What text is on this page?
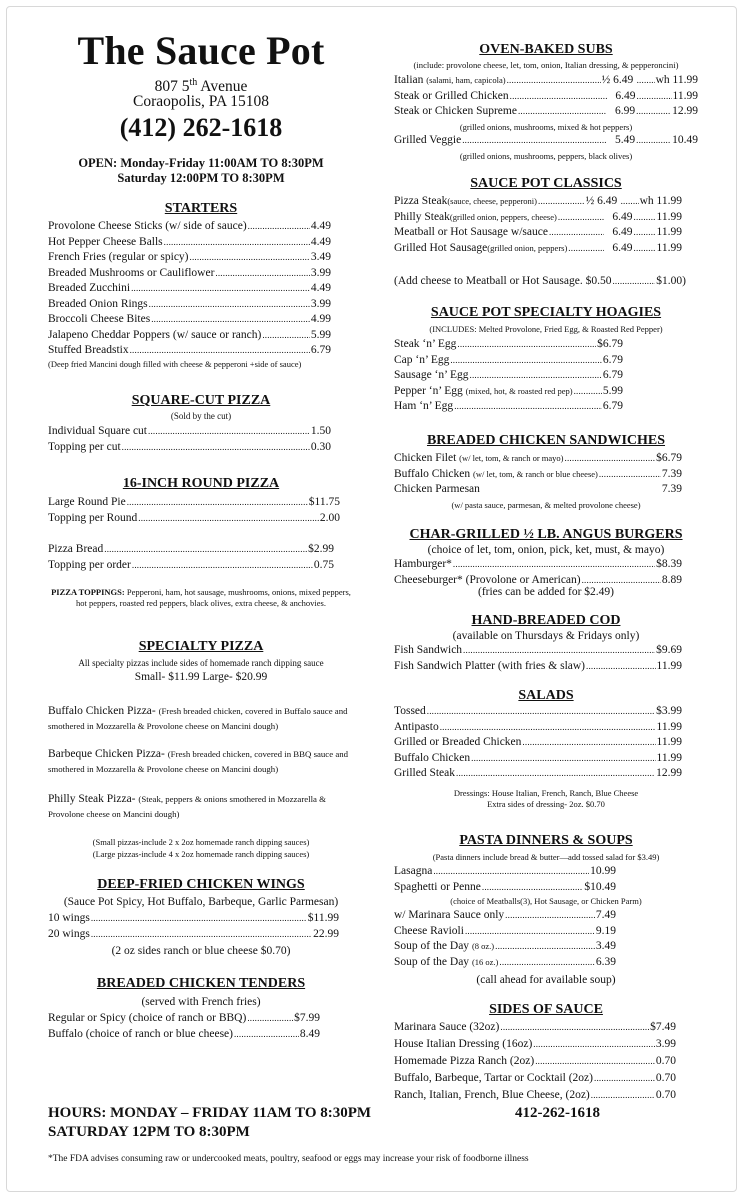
The Sauce Pot
807 5th Avenue
Coraopolis, PA 15108
(412) 262-1618
OPEN: Monday-Friday 11:00AM TO 8:30PM
Saturday 12:00PM TO 8:30PM
STARTERS
Provolone Cheese Sticks (w/ side of sauce) .....	4.49
Hot Pepper Cheese Balls .....	4.49
French Fries (regular or spicy) .....	3.49
Breaded Mushrooms or Cauliflower .....	3.99
Breaded Zucchini .....	4.49
Breaded Onion Rings .....	3.99
Broccoli Cheese Bites .....	4.99
Jalapeno Cheddar Poppers (w/ sauce or ranch) .....	5.99
Stuffed Breadstix .....	6.79
(Deep fried Mancini dough filled with cheese & pepperoni +side of sauce)
SQUARE-CUT PIZZA
(Sold by the cut)
Individual Square cut .....	1.50
Topping per cut .....	0.30
16-INCH ROUND PIZZA
Large Round Pie .....	$11.75
Topping per Round .....	2.00
Pizza Bread .....	$2.99
Topping per order .....	0.75
PIZZA TOPPINGS: Pepperoni, ham, hot sausage, mushrooms, onions, mixed peppers, hot peppers, roasted red peppers, black olives, extra cheese, & anchovies.
SPECIALTY PIZZA
All specialty pizzas include sides of homemade ranch dipping sauce
Small- $11.99 Large- $20.99
Buffalo Chicken Pizza- (Fresh breaded chicken, covered in Buffalo sauce and smothered in Mozzarella & Provolone cheese on Mancini dough)
Barbeque Chicken Pizza- (Fresh breaded chicken, covered in BBQ sauce and smothered in Mozzarella & Provolone cheese on Mancini dough)
Philly Steak Pizza- (Steak, peppers & onions smothered in Mozzarella & Provolone cheese on Mancini dough)
(Small pizzas-include 2 x 2oz homemade ranch dipping sauces)
(Large pizzas-include 4 x 2oz homemade ranch dipping sauces)
DEEP-FRIED CHICKEN WINGS
(Sauce Pot Spicy, Hot Buffalo, Barbeque, Garlic Parmesan)
10 wings .....	$11.99
20 wings .....	22.99
(2 oz sides ranch or blue cheese $0.70)
BREADED CHICKEN TENDERS
(served with French fries)
Regular or Spicy (choice of ranch or BBQ) .....	$7.99
Buffalo (choice of ranch or blue cheese) .....	8.49
OVEN-BAKED SUBS
(include: provolone cheese, let, tom, onion, Italian dressing, & pepperoncini)
Italian (salami, ham, capicola) .....	½ 6.49 ..... wh 11.99
Steak or Grilled Chicken .....	6.49 .....	11.99
Steak or Chicken Supreme .....	6.99 .....	12.99
(grilled onions, mushrooms, mixed & hot peppers)
Grilled Veggie .....	5.49 .....	10.49
(grilled onions, mushrooms, peppers, black olives)
SAUCE POT CLASSICS
Pizza Steak(sauce, cheese, pepperoni) .....	½ 6.49 ..... wh 11.99
Philly Steak(grilled onion, peppers, cheese) .....	6.49 ..... 11.99
Meatball or Hot Sausage w/sauce .....	6.49 ..... 11.99
Grilled Hot Sausage(grilled onion, peppers) .....	6.49 ..... 11.99
(Add cheese to Meatball or Hot Sausage. $0.50 .....	$1.00)
SAUCE POT SPECIALTY HOAGIES
(INCLUDES: Melted Provolone, Fried Egg, & Roasted Red Pepper)
Steak ‘n’ Egg .....	$6.79
Cap ‘n’ Egg .....	6.79
Sausage ‘n’ Egg .....	6.79
Pepper ‘n’ Egg (mixed, hot, & roasted red pep) .....	5.99
Ham ‘n’ Egg .....	6.79
BREADED CHICKEN SANDWICHES
Chicken Filet (w/ let, tom, & ranch or mayo) .....	$6.79
Buffalo Chicken (w/ let, tom, & ranch or blue cheese) .....	7.39
Chicken Parmesan	7.39
(w/ pasta sauce, parmesan, & melted provolone cheese)
CHAR-GRILLED ½ LB. ANGUS BURGERS
(choice of let, tom, onion, pick, ket, must, & mayo)
Hamburger* .....	$8.39
Cheeseburger* (Provolone or American) .....	8.89
(fries can be added for $2.49)
HAND-BREADED COD
(available on Thursdays & Fridays only)
Fish Sandwich .....	$9.69
Fish Sandwich Platter (with fries & slaw) .....	11.99
SALADS
Tossed .....	$3.99
Antipasto .....	11.99
Grilled or Breaded Chicken .....	11.99
Buffalo Chicken .....	11.99
Grilled Steak .....	12.99
Dressings: House Italian, French, Ranch, Blue Cheese
Extra sides of dressing- 2oz. $0.70
PASTA DINNERS & SOUPS
(Pasta dinners include bread & butter—add tossed salad for $3.49)
Lasagna .....	10.99
Spaghetti or Penne .....	$10.49
(choice of Meatballs(3), Hot Sausage, or Chicken Parm)
w/ Marinara Sauce only .....	7.49
Cheese Ravioli .....	9.19
Soup of the Day (8 oz.) .....	3.49
Soup of the Day (16 oz.) .....	6.39
(call ahead for available soup)
SIDES OF SAUCE
Marinara Sauce (32oz) .....	$7.49
House Italian Dressing (16oz) .....	3.99
Homemade Pizza Ranch (2oz) .....	0.70
Buffalo, Barbeque, Tartar or Cocktail (2oz) .....	0.70
Ranch, Italian, French, Blue Cheese, (2oz) .....	0.70
HOURS: MONDAY – FRIDAY 11AM TO 8:30PM
SATURDAY 12PM TO 8:30PM
412-262-1618
*The FDA advises consuming raw or undercooked meats, poultry, seafood or eggs may increase your risk of foodborne illness
